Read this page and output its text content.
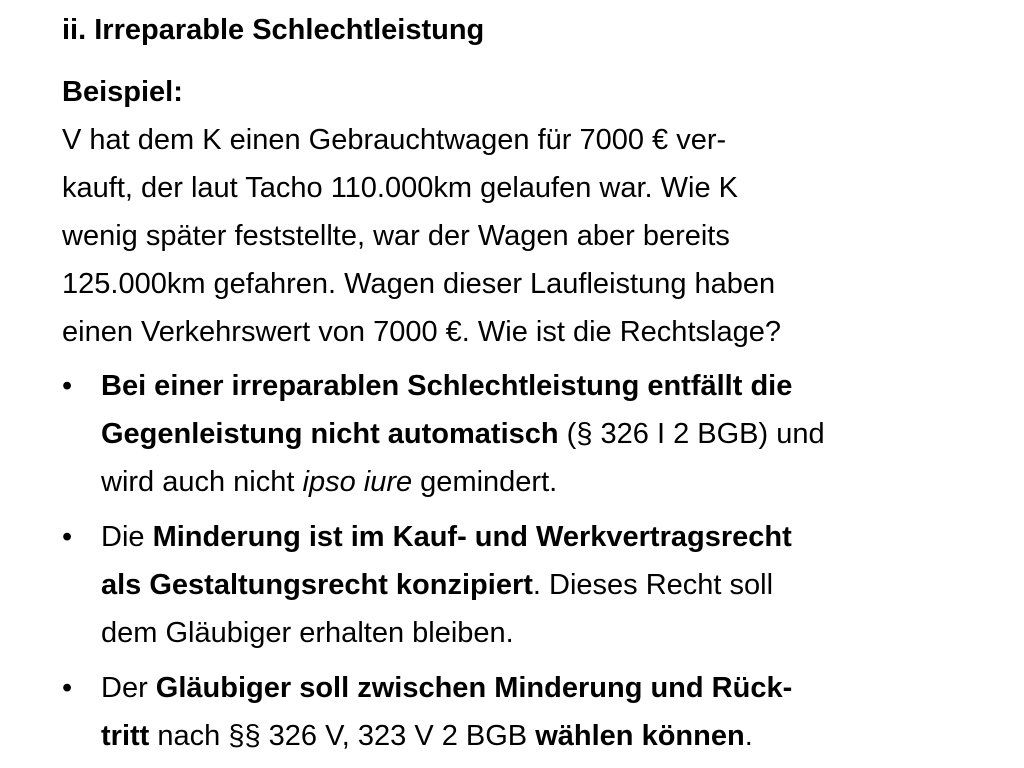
ii. Irreparable Schlechtleistung
Beispiel:
V hat dem K einen Gebrauchtwagen für 7000 € ver-
kauft, der laut Tacho 110.000km gelaufen war. Wie K
wenig später feststellte, war der Wagen aber bereits
125.000km gefahren. Wagen dieser Laufleistung haben
einen Verkehrswert von 7000 €. Wie ist die Rechtslage?
• Bei einer irreparablen Schlechtleistung entfällt die
Gegenleistung nicht automatisch (§ 326 I 2 BGB) und
wird auch nicht ipso iure gemindert.
• Die Minderung ist im Kauf- und Werkvertragsrecht
als Gestaltungsrecht konzipiert. Dieses Recht soll
dem Gläubiger erhalten bleiben.
• Der Gläubiger soll zwischen Minderung und Rück-
tritt nach §§ 326 V, 323 V 2 BGB wählen können.
